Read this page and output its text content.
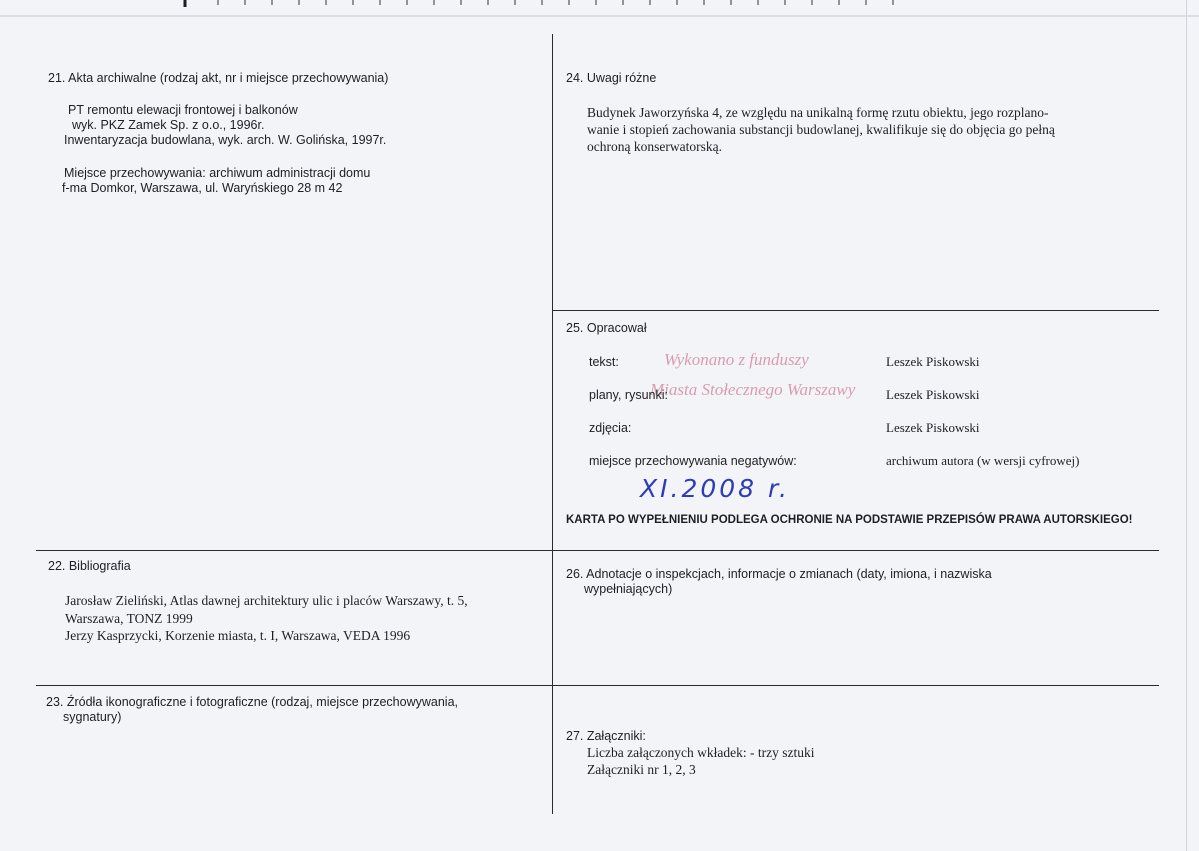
21. Akta archiwalne (rodzaj akt, nr i miejsce przechowywania)
PT remontu elewacji frontowej i balkonów
wyk. PKZ Zamek Sp. z o.o., 1996r.
Inwentaryzacja budowlana, wyk. arch. W. Golińska, 1997r.
Miejsce przechowywania: archiwum administracji domu
f-ma Domkor, Warszawa, ul. Waryńskiego 28 m 42
24. Uwagi różne
Budynek Jaworzyńska 4, ze względu na unikalną formę rzutu obiektu, jego rozplano-
wanie i stopień zachowania substancji budowlanej, kwalifikuje się do objęcia go pełną
ochroną konserwatorską.
25. Opracował
Wykonano z funduszy
Miasta Stołecznego Warszawy
tekst:	Leszek Piskowski
plany, rysunki:	Leszek Piskowski
zdjęcia:	Leszek Piskowski
miejsce przechowywania negatywów:	archiwum autora (w wersji cyfrowej)
XI.2008 r.
KARTA PO WYPEŁNIENIU PODLEGA OCHRONIE NA PODSTAWIE PRZEPISÓW PRAWA AUTORSKIEGO!
22. Bibliografia
Jarosław Zieliński, Atlas dawnej architektury ulic i placów Warszawy, t. 5,
Warszawa, TONZ 1999
Jerzy Kasprzycki, Korzenie miasta, t. I, Warszawa, VEDA 1996
26. Adnotacje o inspekcjach, informacje o zmianach (daty, imiona, i nazwiska
wypełniających)
23. Źródła ikonograficzne i fotograficzne (rodzaj, miejsce przechowywania,
sygnatury)
27. Załączniki:
Liczba załączonych wkładek: - trzy sztuki
Załączniki nr 1, 2, 3
